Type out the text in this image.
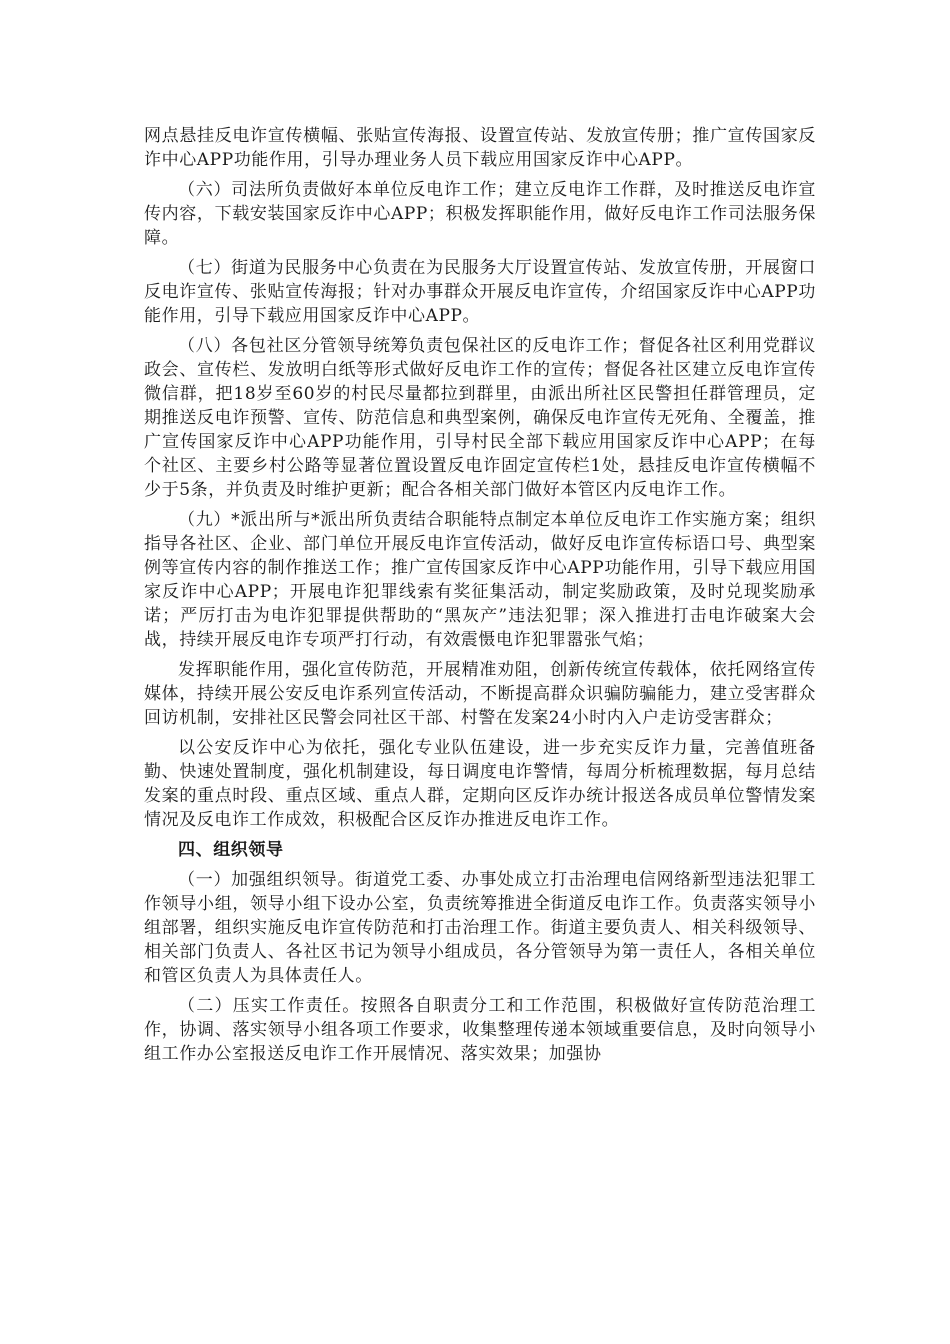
网点悬挂反电诈宣传横幅、张贴宣传海报、设置宣传站、发放宣传册；推广宣传国家反诈中心APP功能作用，引导办理业务人员下载应用国家反诈中心APP。

（六）司法所负责做好本单位反电诈工作；建立反电诈工作群，及时推送反电诈宣传内容，下载安装国家反诈中心APP；积极发挥职能作用，做好反电诈工作司法服务保障。

（七）街道为民服务中心负责在为民服务大厅设置宣传站、发放宣传册，开展窗口反电诈宣传、张贴宣传海报；针对办事群众开展反电诈宣传，介绍国家反诈中心APP功能作用，引导下载应用国家反诈中心APP。

（八）各包社区分管领导统筹负责包保社区的反电诈工作；督促各社区利用党群议政会、宣传栏、发放明白纸等形式做好反电诈工作的宣传；督促各社区建立反电诈宣传微信群，把18岁至60岁的村民尽量都拉到群里，由派出所社区民警担任群管理员，定期推送反电诈预警、宣传、防范信息和典型案例，确保反电诈宣传无死角、全覆盖，推广宣传国家反诈中心APP功能作用，引导村民全部下载应用国家反诈中心APP；在每个社区、主要乡村公路等显著位置设置反电诈固定宣传栏1处，悬挂反电诈宣传横幅不少于5条，并负责及时维护更新；配合各相关部门做好本管区内反电诈工作。

（九）*派出所与*派出所负责结合职能特点制定本单位反电诈工作实施方案；组织指导各社区、企业、部门单位开展反电诈宣传活动，做好反电诈宣传标语口号、典型案例等宣传内容的制作推送工作；推广宣传国家反诈中心APP功能作用，引导下载应用国家反诈中心APP；开展电诈犯罪线索有奖征集活动，制定奖励政策，及时兑现奖励承诺；严厉打击为电诈犯罪提供帮助的“黑灰产”违法犯罪；深入推进打击电诈破案大会战，持续开展反电诈专项严打行动，有效震慑电诈犯罪嚣张气焰；

发挥职能作用，强化宣传防范，开展精准劝阻，创新传统宣传载体，依托网络宣传媒体，持续开展公安反电诈系列宣传活动，不断提高群众识骗防骗能力，建立受害群众回访机制，安排社区民警会同社区干部、村警在发案24小时内入户走访受害群众；

以公安反诈中心为依托，强化专业队伍建设，进一步充实反诈力量，完善值班备勤、快速处置制度，强化机制建设，每日调度电诈警情，每周分析梳理数据，每月总结发案的重点时段、重点区域、重点人群，定期向区反诈办统计报送各成员单位警情发案情况及反电诈工作成效，积极配合区反诈办推进反电诈工作。

四、组织领导

（一）加强组织领导。街道党工委、办事处成立打击治理电信网络新型违法犯罪工作领导小组，领导小组下设办公室，负责统筹推进全街道反电诈工作。负责落实领导小组部署，组织实施反电诈宣传防范和打击治理工作。街道主要负责人、相关科级领导、相关部门负责人、各社区书记为领导小组成员，各分管领导为第一责任人，各相关单位和管区负责人为具体责任人。

（二）压实工作责任。按照各自职责分工和工作范围，积极做好宣传防范治理工作，协调、落实领导小组各项工作要求，收集整理传递本领域重要信息，及时向领导小组工作办公室报送反电诈工作开展情况、落实效果；加强协
